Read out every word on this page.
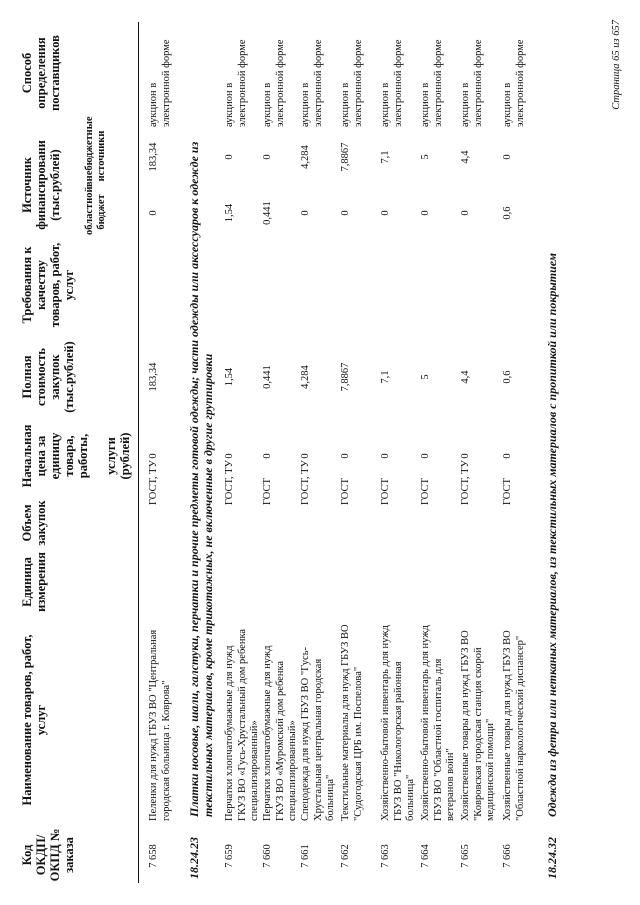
Код ОКДП/ ОКПД № заказа
Наименование товаров, работ, услуг
Единица измерения
Объем закупок
Начальная цена за единицу товара, работы, услуги (рублей)
Полная стоимость закупок (тыс.рублей)
Требования к качеству товаров, работ, услуг
Источник финансировани (тыс.рублей) областной бюджет
внебюджетные источники
Способ определения поставщиков
7 658
Пеленки для нужд ГБУЗ ВО "Центральная городская больница г. Коврова"
0
183,34
ГОСТ, ТУ
0
183,34
аукцион в электронной форме
18.24.23
Платки носовые, шали, галстуки, перчатки и прочие предметы готовой одежды; части одежды или аксессуаров к одежде из текстильных материалов, кроме трикотажных, не включенные в другие группировки
7 659
Перчатки хлопчатобумажные для нужд ГКУЗ ВО «Гусь-Хрустальный дом ребенка специализированный»
0
1,54
ГОСТ, ТУ
1,54
0
аукцион в электронной форме
7 660
Перчатки хлопчатобумажные для нужд ГКУЗ ВО «Муромский дом ребенка специализированный»
0
0,441
ГОСТ
0,441
0
аукцион в электронной форме
7 661
Спецодежда для нужд ГБУЗ ВО "Гусь-Хрустальная центральная городская больница"
0
4,284
ГОСТ, ТУ
0
4,284
аукцион в электронной форме
7 662
Текстильные материалы для нужд ГБУЗ ВО "Судогодская ЦРБ им. Поспелова"
0
7,8867
ГОСТ
0
7,8867
аукцион в электронной форме
7 663
Хозяйственно-бытовой инвентарь для нужд ГБУЗ ВО "Никологорская районная больница"
0
7,1
ГОСТ
0
7,1
аукцион в электронной форме
7 664
Хозяйственно-бытовой инвентарь для нужд ГБУЗ ВО "Областной госпиталь для ветеранов войн"
0
5
ГОСТ
0
5
аукцион в электронной форме
7 665
Хозяйственные товары для нужд ГБУЗ ВО "Ковровская городская станция скорой медицинской помощи"
0
4,4
ГОСТ, ТУ
0
4,4
аукцион в электронной форме
7 666
Хозяйственные товары для нужд ГБУЗ ВО "Областной наркологический диспансер"
0
0,6
ГОСТ
0,6
0
аукцион в электронной форме
18.24.32
Одежда из фетра или нетканых материалов, из текстильных материалов с пропиткой или покрытием
Страница 65 из 657
